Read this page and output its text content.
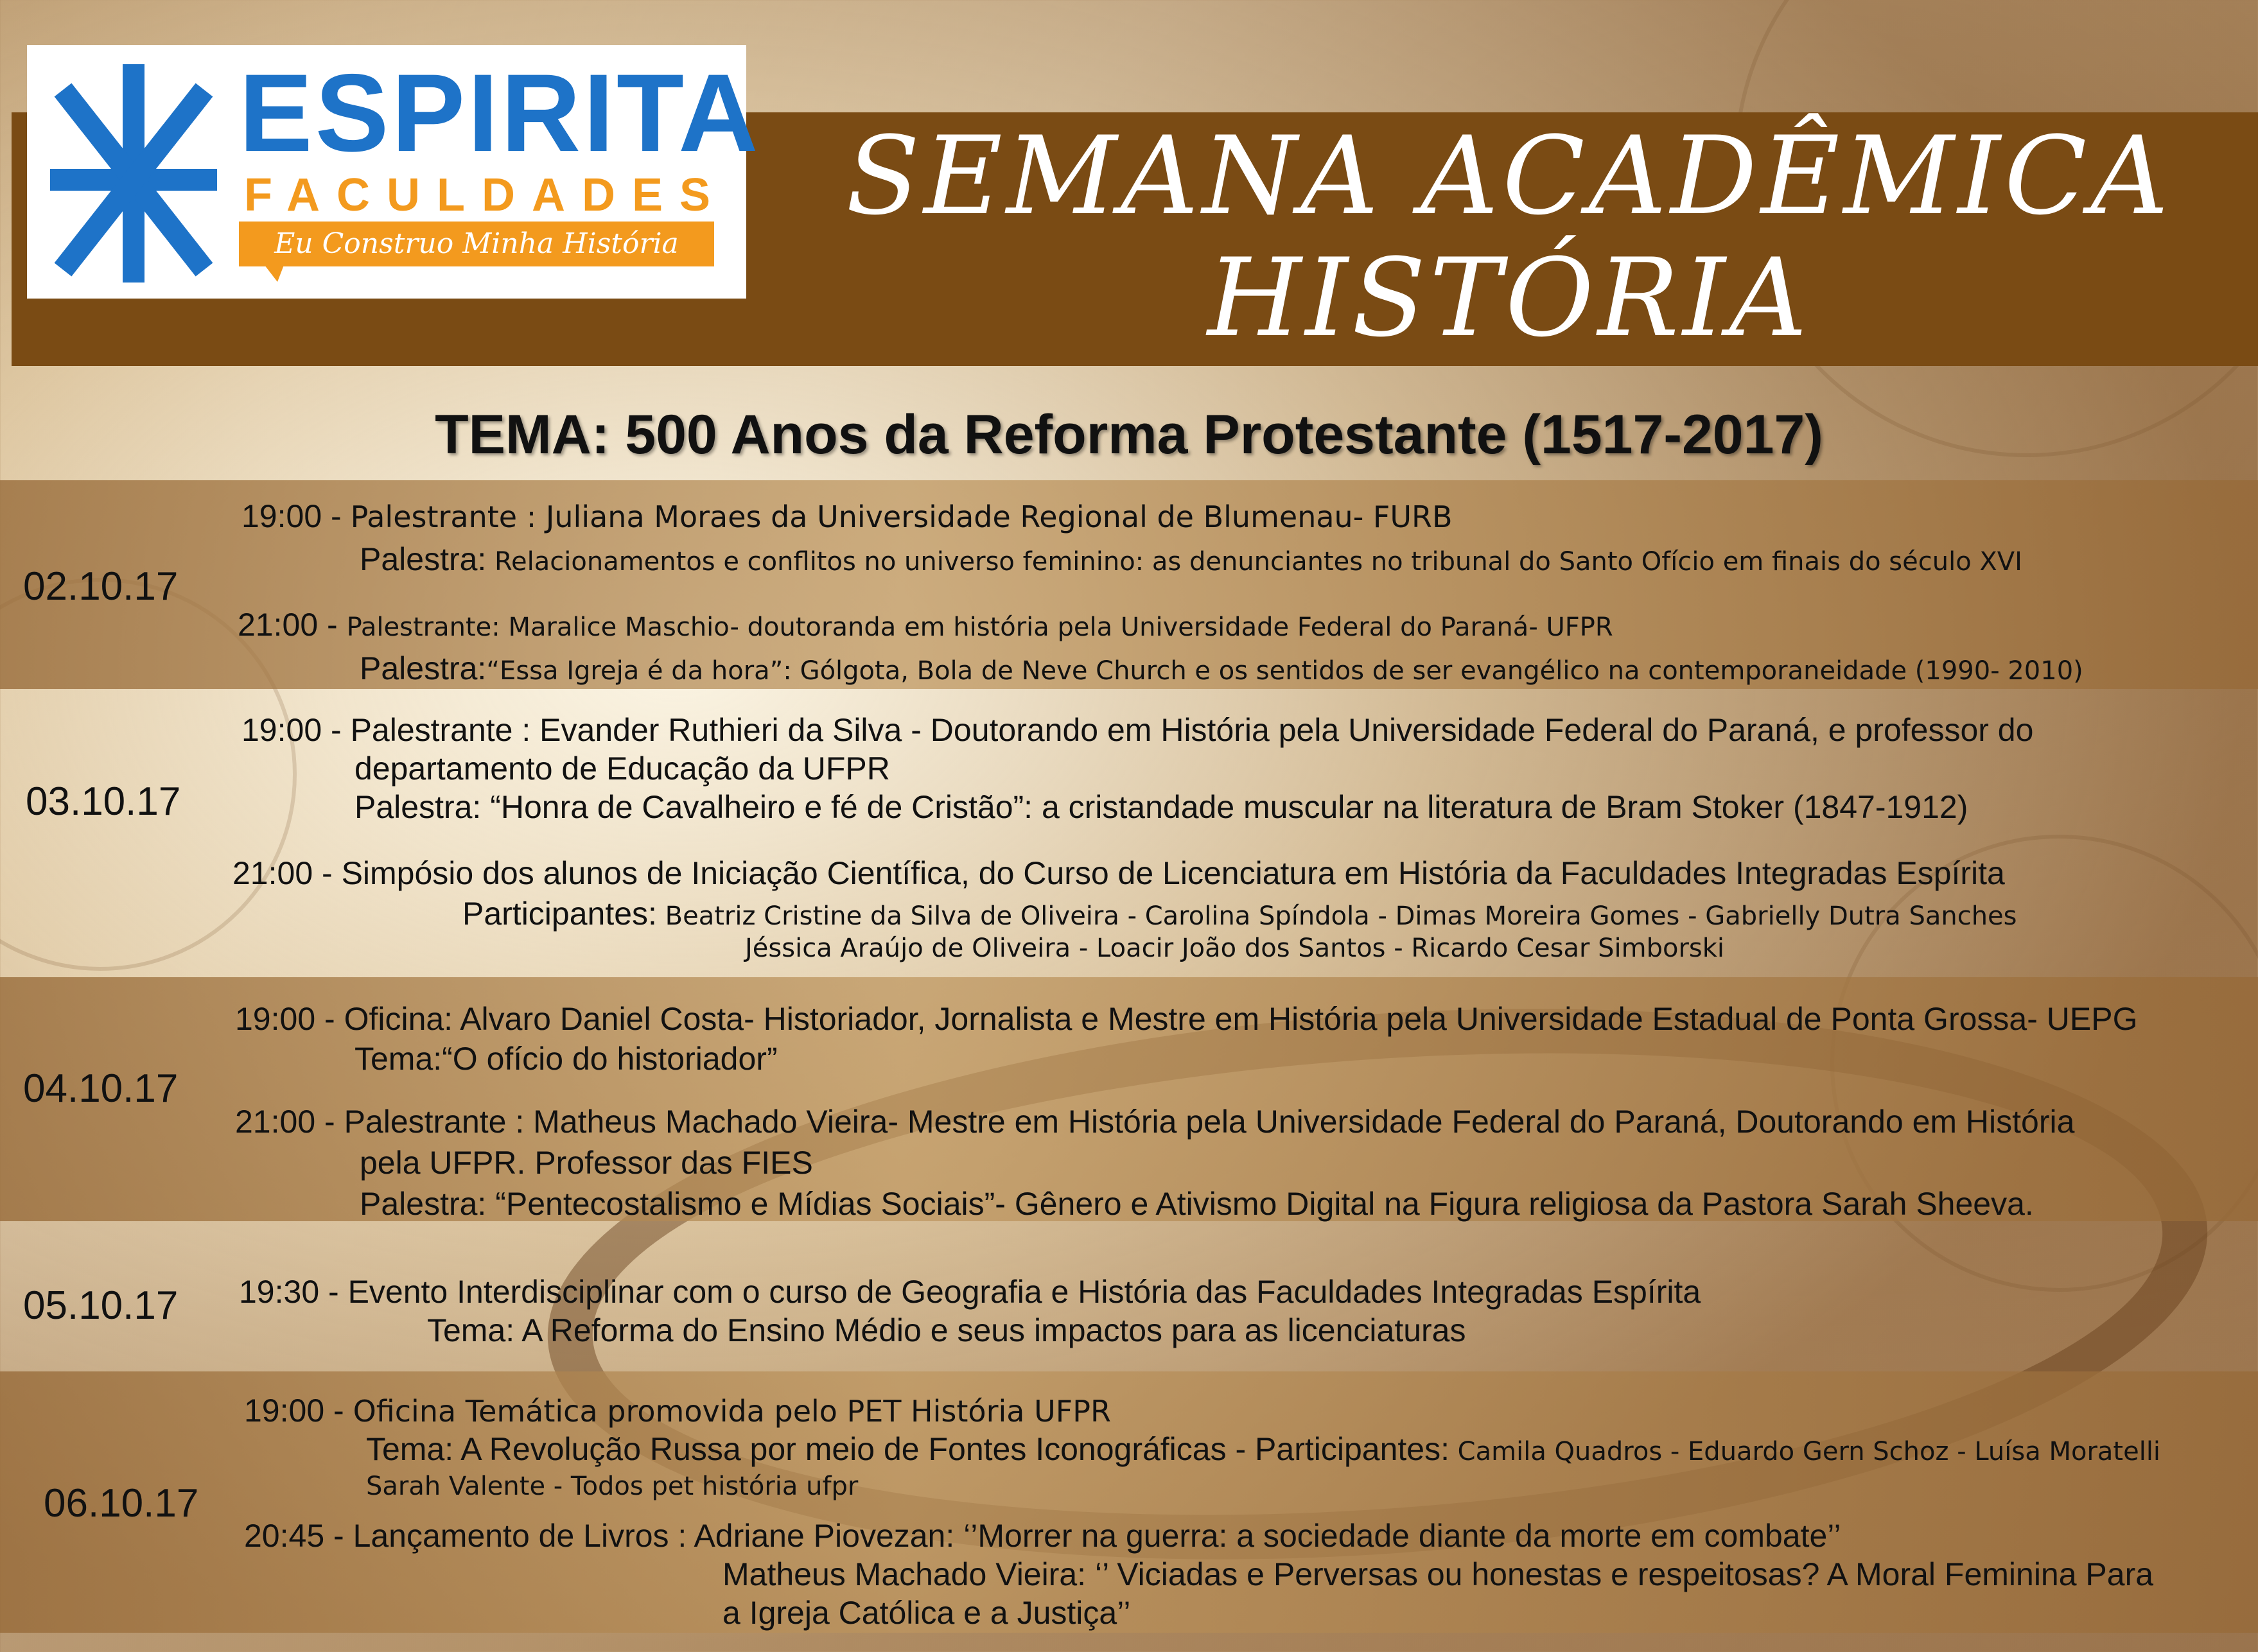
ESPIRITA
FACULDADES
Eu Construo Minha História
SEMANA ACADÊMICA
HISTÓRIA
TEMA: 500 Anos da Reforma Protestante (1517-2017)
02.10.17
19:00 - Palestrante : Juliana Moraes da Universidade Regional de Blumenau- FURB
Palestra: Relacionamentos e conflitos no universo feminino: as denunciantes no tribunal do Santo Ofício em finais do século XVI
21:00 - Palestrante: Maralice Maschio- doutoranda em história pela Universidade Federal do Paraná- UFPR
Palestra:“Essa Igreja é da hora”: Gólgota, Bola de Neve Church e os sentidos de ser evangélico na contemporaneidade (1990- 2010)
03.10.17
19:00 - Palestrante : Evander Ruthieri da Silva - Doutorando em História pela Universidade Federal do Paraná, e professor do
departamento de Educação da UFPR
Palestra: “Honra de Cavalheiro e fé de Cristão”: a cristandade muscular na literatura de Bram Stoker (1847-1912)
21:00 - Simpósio dos alunos de Iniciação Científica, do Curso de Licenciatura em História da Faculdades Integradas Espírita
Participantes: Beatriz Cristine da Silva de Oliveira - Carolina Spíndola - Dimas Moreira Gomes - Gabrielly Dutra Sanches
Jéssica Araújo de Oliveira - Loacir João dos Santos - Ricardo Cesar Simborski
04.10.17
19:00 - Oficina: Alvaro Daniel Costa- Historiador, Jornalista e Mestre em História pela Universidade Estadual de Ponta Grossa- UEPG
Tema:“O ofício do historiador”
21:00 - Palestrante : Matheus Machado Vieira- Mestre em História pela Universidade Federal do Paraná, Doutorando em História
pela UFPR. Professor das FIES
Palestra: “Pentecostalismo e Mídias Sociais”- Gênero e Ativismo Digital na Figura religiosa da Pastora Sarah Sheeva.
05.10.17 19:30 - Evento Interdisciplinar com o curso de Geografia e História das Faculdades Integradas Espírita
Tema: A Reforma do Ensino Médio e seus impactos para as licenciaturas
06.10.17
19:00 - Oficina Temática promovida pelo PET História UFPR
Tema: A Revolução Russa por meio de Fontes Iconográficas - Participantes: Camila Quadros - Eduardo Gern Schoz - Luísa Moratelli
Sarah Valente - Todos pet história ufpr
20:45 - Lançamento de Livros : Adriane Piovezan: ‘’Morrer na guerra: a sociedade diante da morte em combate’’
Matheus Machado Vieira: ‘’ Viciadas e Perversas ou honestas e respeitosas? A Moral Feminina Para
a Igreja Católica e a Justiça’’
